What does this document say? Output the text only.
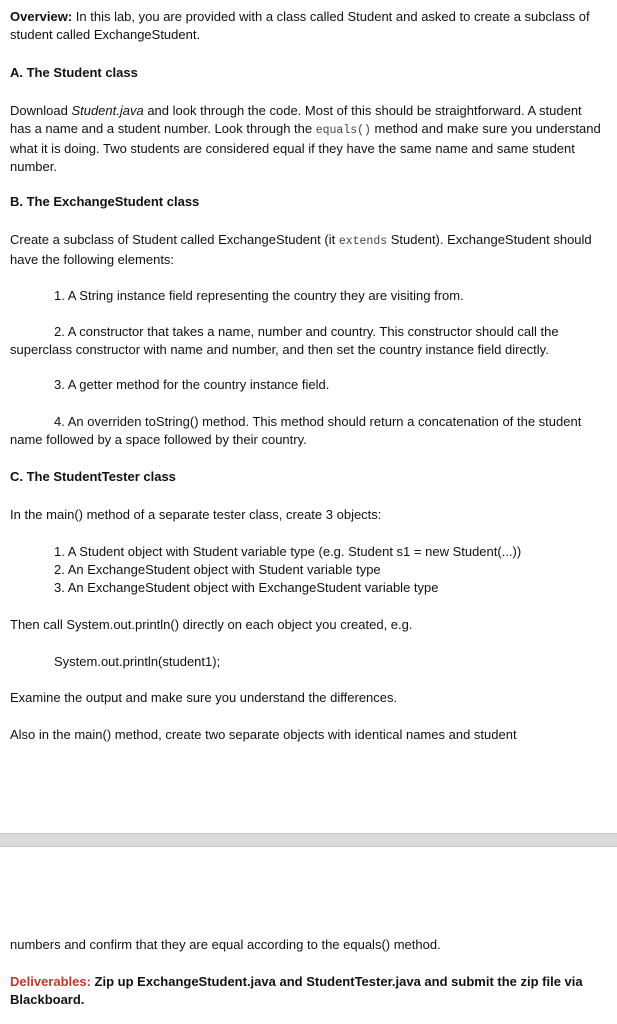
Overview: In this lab, you are provided with a class called Student and asked to create a subclass of student called ExchangeStudent.

A. The Student class

Download Student.java and look through the code. Most of this should be straightforward. A student has a name and a student number. Look through the equals() method and make sure you understand what it is doing. Two students are considered equal if they have the same name and same student number.

B. The ExchangeStudent class

Create a subclass of Student called ExchangeStudent (it extends Student). ExchangeStudent should have the following elements:

1. A String instance field representing the country they are visiting from.

2. A constructor that takes a name, number and country. This constructor should call the superclass constructor with name and number, and then set the country instance field directly.

3. A getter method for the country instance field.

4. An overriden toString() method. This method should return a concatenation of the student name followed by a space followed by their country.

C. The StudentTester class

In the main() method of a separate tester class, create 3 objects:

1. A Student object with Student variable type (e.g. Student s1 = new Student(...))
2. An ExchangeStudent object with Student variable type
3. An ExchangeStudent object with ExchangeStudent variable type

Then call System.out.println() directly on each object you created, e.g.

System.out.println(student1);

Examine the output and make sure you understand the differences.

Also in the main() method, create two separate objects with identical names and student

numbers and confirm that they are equal according to the equals() method.

Deliverables: Zip up ExchangeStudent.java and StudentTester.java and submit the zip file via Blackboard.
